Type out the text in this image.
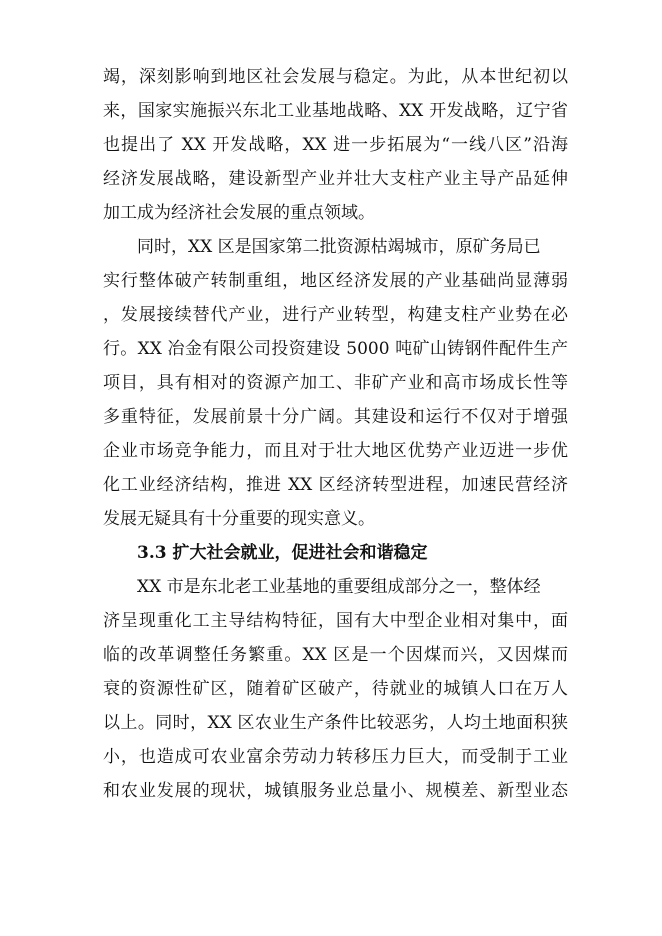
竭，深刻影响到地区社会发展与稳定。为此，从本世纪初以
来，国家实施振兴东北工业基地战略、XX 开发战略，辽宁省
也提出了 XX 开发战略，XX 进一步拓展为“一线八区”沿海
经济发展战略，建设新型产业并壮大支柱产业主导产品延伸
加工成为经济社会发展的重点领域。
同时，XX 区是国家第二批资源枯竭城市，原矿务局已
实行整体破产转制重组，地区经济发展的产业基础尚显薄弱
，发展接续替代产业，进行产业转型，构建支柱产业势在必
行。XX 冶金有限公司投资建设 5000 吨矿山铸钢件配件生产
项目，具有相对的资源产加工、非矿产业和高市场成长性等
多重特征，发展前景十分广阔。其建设和运行不仅对于增强
企业市场竞争能力，而且对于壮大地区优势产业迈进一步优
化工业经济结构，推进 XX 区经济转型进程，加速民营经济
发展无疑具有十分重要的现实意义。
3.3 扩大社会就业，促进社会和谐稳定
XX 市是东北老工业基地的重要组成部分之一，整体经
济呈现重化工主导结构特征，国有大中型企业相对集中，面
临的改革调整任务繁重。XX 区是一个因煤而兴，又因煤而
衰的资源性矿区，随着矿区破产，待就业的城镇人口在万人
以上。同时，XX 区农业生产条件比较恶劣，人均土地面积狭
小，也造成可农业富余劳动力转移压力巨大，而受制于工业
和农业发展的现状，城镇服务业总量小、规模差、新型业态
